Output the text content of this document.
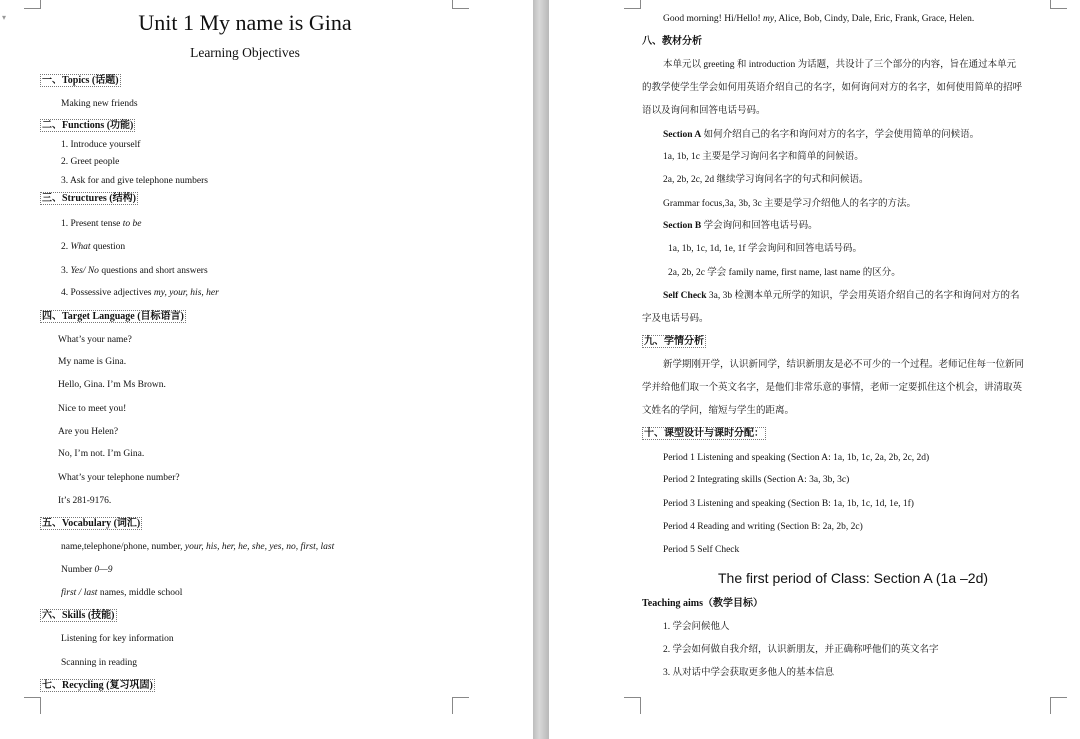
▾	Unit 1 My name is Gina
Learning Objectives
一、Topics (话题)
Making new friends
二、Functions (功能)
1. Introduce yourself
2. Greet people
3. Ask for and give telephone numbers
三、Structures (结构)
1. Present tense to be
2. What question
3. Yes/ No questions and short answers
4. Possessive adjectives my, your, his, her
四、Target Language (目标语言)
What’s your name?
My name is Gina.
Hello, Gina. I’m Ms Brown.
Nice to meet you!
Are you Helen?
No, I’m not. I’m Gina.
What’s your telephone number?
It’s 281-9176.
五、Vocabulary (词汇)
name,telephone/phone, number, your, his, her, he, she, yes, no, first, last
Number 0—9
first / last names, middle school
六、Skills (技能)
Listening for key information
Scanning in reading
七、Recycling (复习巩固)
Good morning! Hi/Hello! my, Alice, Bob, Cindy, Dale, Eric, Frank, Grace, Helen.
八、教材分析
本单元以 greeting 和 introduction 为话题，共设计了三个部分的内容，旨在通过本单元
的教学使学生学会如何用英语介绍自己的名字，如何询问对方的名字，如何使用简单的招呼
语以及询问和回答电话号码。
Section A 如何介绍自己的名字和询问对方的名字，学会使用简单的问候语。
1a, 1b, 1c 主要是学习询问名字和简单的问候语。
2a, 2b, 2c, 2d 继续学习询问名字的句式和问候语。
Grammar focus,3a, 3b, 3c 主要是学习介绍他人的名字的方法。
Section B 学会询问和回答电话号码。
1a, 1b, 1c, 1d, 1e, 1f 学会询问和回答电话号码。
2a, 2b, 2c 学会 family name, first name, last name 的区分。
Self Check 3a, 3b 检测本单元所学的知识，学会用英语介绍自己的名字和询问对方的名
字及电话号码。
九、学情分析
新学期刚开学，认识新同学，结识新朋友是必不可少的一个过程。老师记住每一位新同
学并给他们取一个英文名字，是他们非常乐意的事情，老师一定要抓住这个机会，讲清取英
文姓名的学问，缩短与学生的距离。
十、课型设计与课时分配：
Period 1 Listening and speaking (Section A: 1a, 1b, 1c, 2a, 2b, 2c, 2d)
Period 2 Integrating skills (Section A: 3a, 3b, 3c)
Period 3 Listening and speaking (Section B: 1a, 1b, 1c, 1d, 1e, 1f)
Period 4 Reading and writing (Section B: 2a, 2b, 2c)
Period 5 Self Check
The first period of Class: Section A (1a –2d)
Teaching aims（教学目标）
1. 学会问候他人
2. 学会如何做自我介绍，认识新朋友，并正确称呼他们的英文名字
3. 从对话中学会获取更多他人的基本信息
